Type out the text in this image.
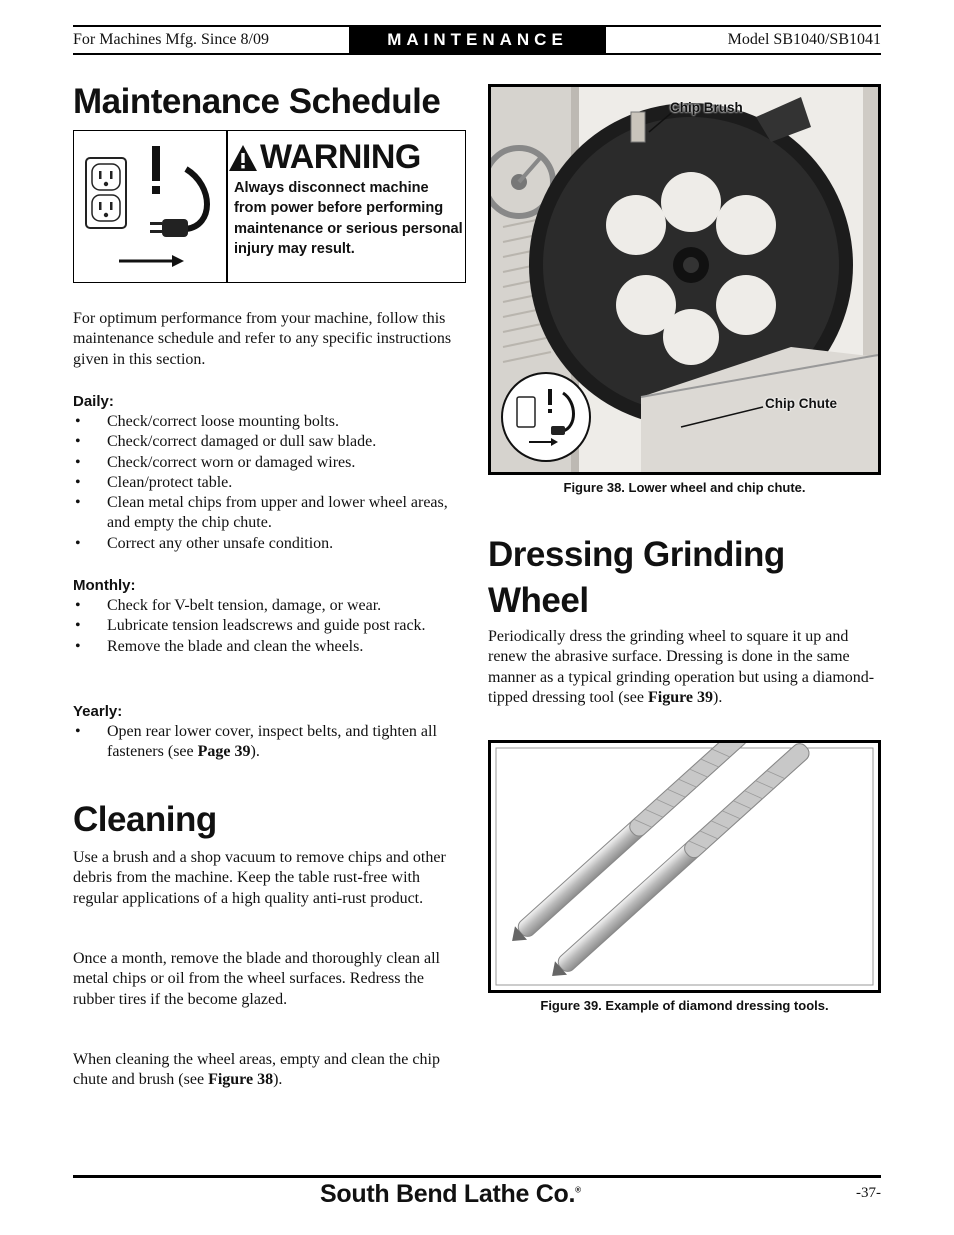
For Machines Mfg. Since 8/09	MAINTENANCE	Model SB1040/SB1041
Maintenance Schedule
WARNING
Always disconnect machine from power before performing maintenance or serious personal injury may result.
For optimum performance from your machine, follow this maintenance schedule and refer to any specific instructions given in this section.
Daily:
• Check/correct loose mounting bolts.
• Check/correct damaged or dull saw blade.
• Check/correct worn or damaged wires.
• Clean/protect table.
• Clean metal chips from upper and lower wheel areas, and empty the chip chute.
• Correct any other unsafe condition.
Monthly:
• Check for V-belt tension, damage, or wear.
• Lubricate tension leadscrews and guide post rack.
• Remove the blade and clean the wheels.
Yearly:
• Open rear lower cover, inspect belts, and tighten all fasteners (see Page 39).
Cleaning
Use a brush and a shop vacuum to remove chips and other debris from the machine. Keep the table rust-free with regular applications of a high quality anti-rust product.
Once a month, remove the blade and thoroughly clean all metal chips or oil from the wheel surfaces. Redress the rubber tires if the become glazed.
When cleaning the wheel areas, empty and clean the chip chute and brush (see Figure 38).
Chip Brush
Chip Chute
Figure 38. Lower wheel and chip chute.
Dressing Grinding
Wheel
Periodically dress the grinding wheel to square it up and renew the abrasive surface. Dressing is done in the same manner as a typical grinding operation but using a diamond-tipped dressing tool (see Figure 39).
Figure 39. Example of diamond dressing tools.
South Bend Lathe Co.®	-37-
